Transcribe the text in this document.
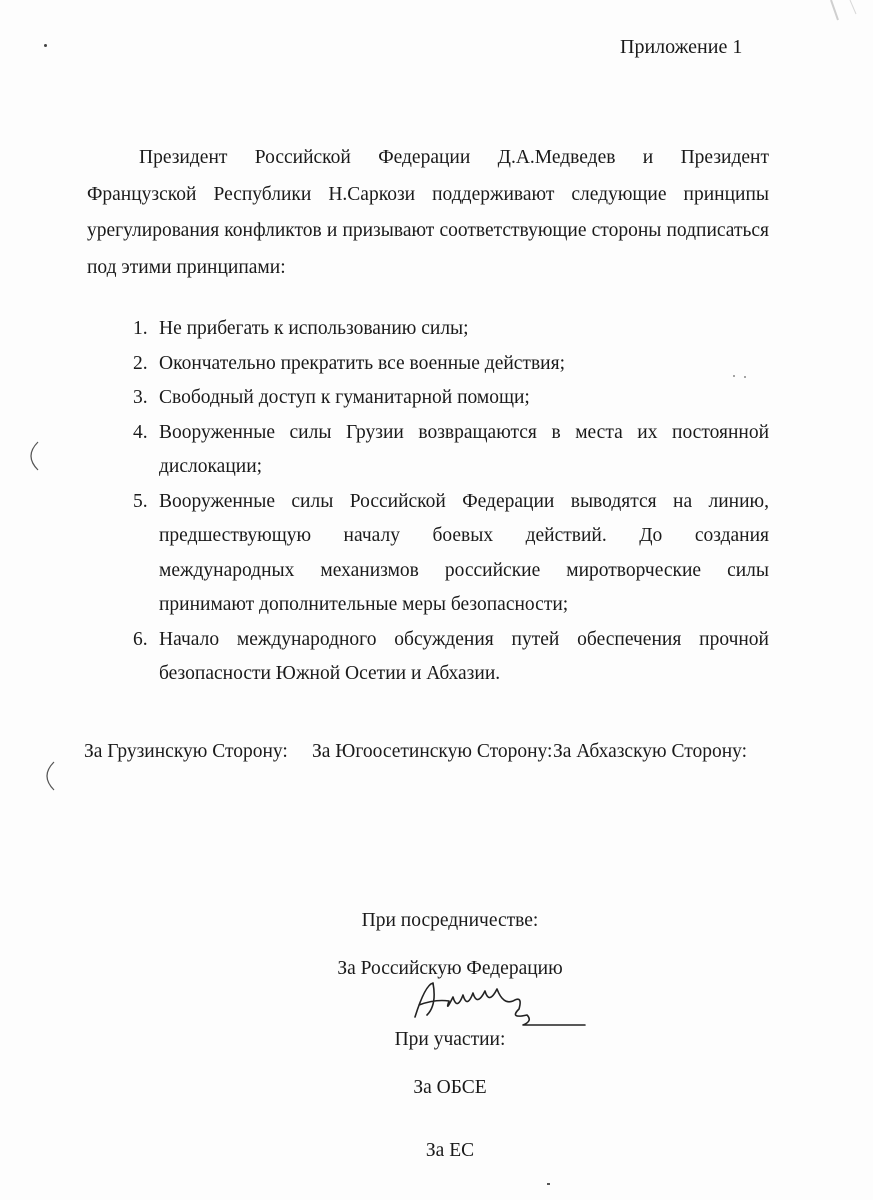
Приложение 1

Президент Российской Федерации Д.А.Медведев и Президент Французской Республики Н.Саркози поддерживают следующие принципы урегулирования конфликтов и призывают соответствующие стороны подписаться под этими принципами:

1. Не прибегать к использованию силы;
2. Окончательно прекратить все военные действия;
3. Свободный доступ к гуманитарной помощи;
4. Вооруженные силы Грузии возвращаются в места их постоянной дислокации;
5. Вооруженные силы Российской Федерации выводятся на линию, предшествующую началу боевых действий. До создания международных механизмов российские миротворческие силы принимают дополнительные меры безопасности;
6. Начало международного обсуждения путей обеспечения прочной безопасности Южной Осетии и Абхазии.
За Грузинскую Сторону: За Югоосетинскую Сторону: За Абхазскую Сторону:
При посредничестве:
За Российскую Федерацию
При участии:
За ОБСЕ
За ЕС
